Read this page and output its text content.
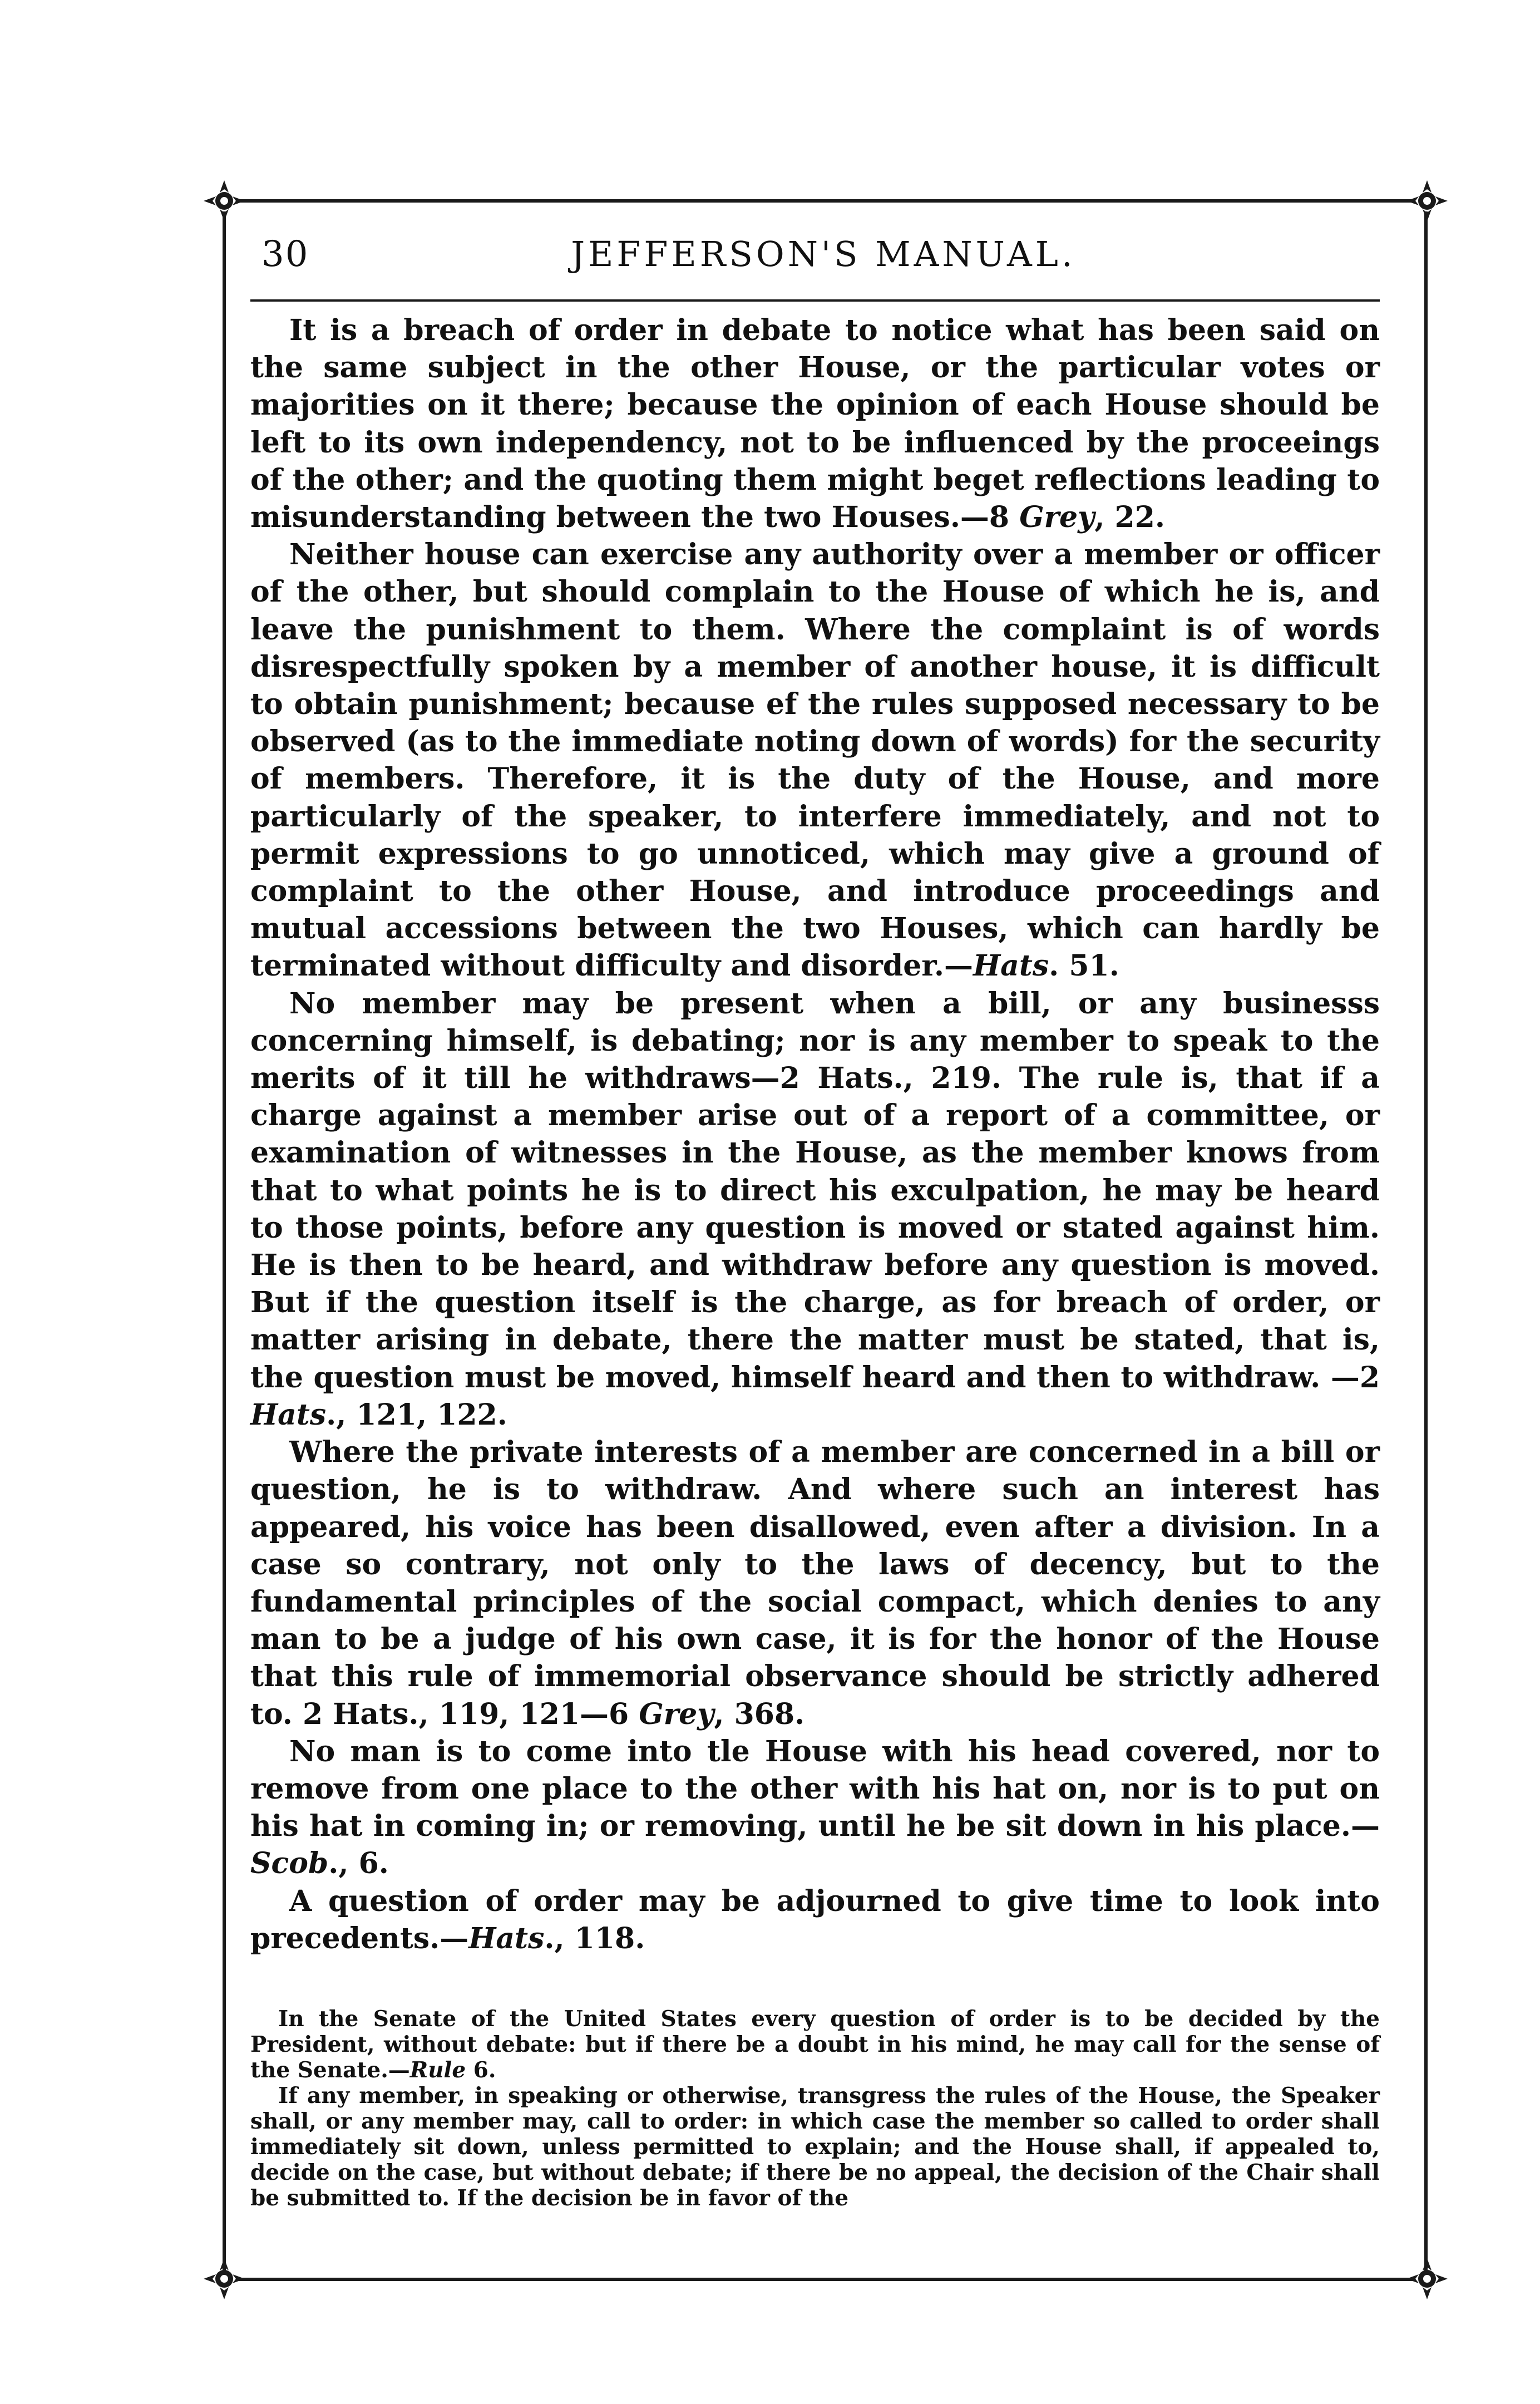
30	JEFFERSON'S MANUAL.

It is a breach of order in debate to notice what has been said on the same subject in the other House, or the particular votes or majorities on it there; because the opinion of each House should be left to its own independency, not to be influenced by the proceeings of the other; and the quoting them might beget reflections leading to misunderstanding between the two Houses.—8 Grey, 22.

Neither house can exercise any authority over a member or officer of the other, but should complain to the House of which he is, and leave the punishment to them. Where the complaint is of words disrespectfully spoken by a member of another house, it is difficult to obtain punishment; because ef the rules supposed necessary to be observed (as to the immediate noting down of words) for the security of members. Therefore, it is the duty of the House, and more particularly of the speaker, to interfere immediately, and not to permit expressions to go unnoticed, which may give a ground of complaint to the other House, and introduce proceedings and mutual accessions between the two Houses, which can hardly be terminated without difficulty and disorder.—Hats. 51.

No member may be present when a bill, or any businesss concerning himself, is debating; nor is any member to speak to the merits of it till he withdraws—2 Hats., 219. The rule is, that if a charge against a member arise out of a report of a committee, or examination of witnesses in the House, as the member knows from that to what points he is to direct his exculpation, he may be heard to those points, before any question is moved or stated against him. He is then to be heard, and withdraw before any question is moved. But if the question itself is the charge, as for breach of order, or matter arising in debate, there the matter must be stated, that is, the question must be moved, himself heard and then to withdraw. —2 Hats., 121, 122.

Where the private interests of a member are concerned in a bill or question, he is to withdraw. And where such an interest has appeared, his voice has been disallowed, even after a division. In a case so contrary, not only to the laws of decency, but to the fundamental principles of the social compact, which denies to any man to be a judge of his own case, it is for the honor of the House that this rule of immemorial observance should be strictly adhered to. 2 Hats., 119, 121—6 Grey, 368.

No man is to come into tle House with his head covered, nor to remove from one place to the other with his hat on, nor is to put on his hat in coming in; or removing, until he be sit down in his place.—Scob., 6.

A question of order may be adjourned to give time to look into precedents.—Hats., 118.

In the Senate of the United States every question of order is to be decided by the President, without debate: but if there be a doubt in his mind, he may call for the sense of the Senate.—Rule 6.

If any member, in speaking or otherwise, transgress the rules of the House, the Speaker shall, or any member may, call to order: in which case the member so called to order shall immediately sit down, unless permitted to explain; and the House shall, if appealed to, decide on the case, but without debate; if there be no appeal, the decision of the Chair shall be submitted to. If the decision be in favor of the
